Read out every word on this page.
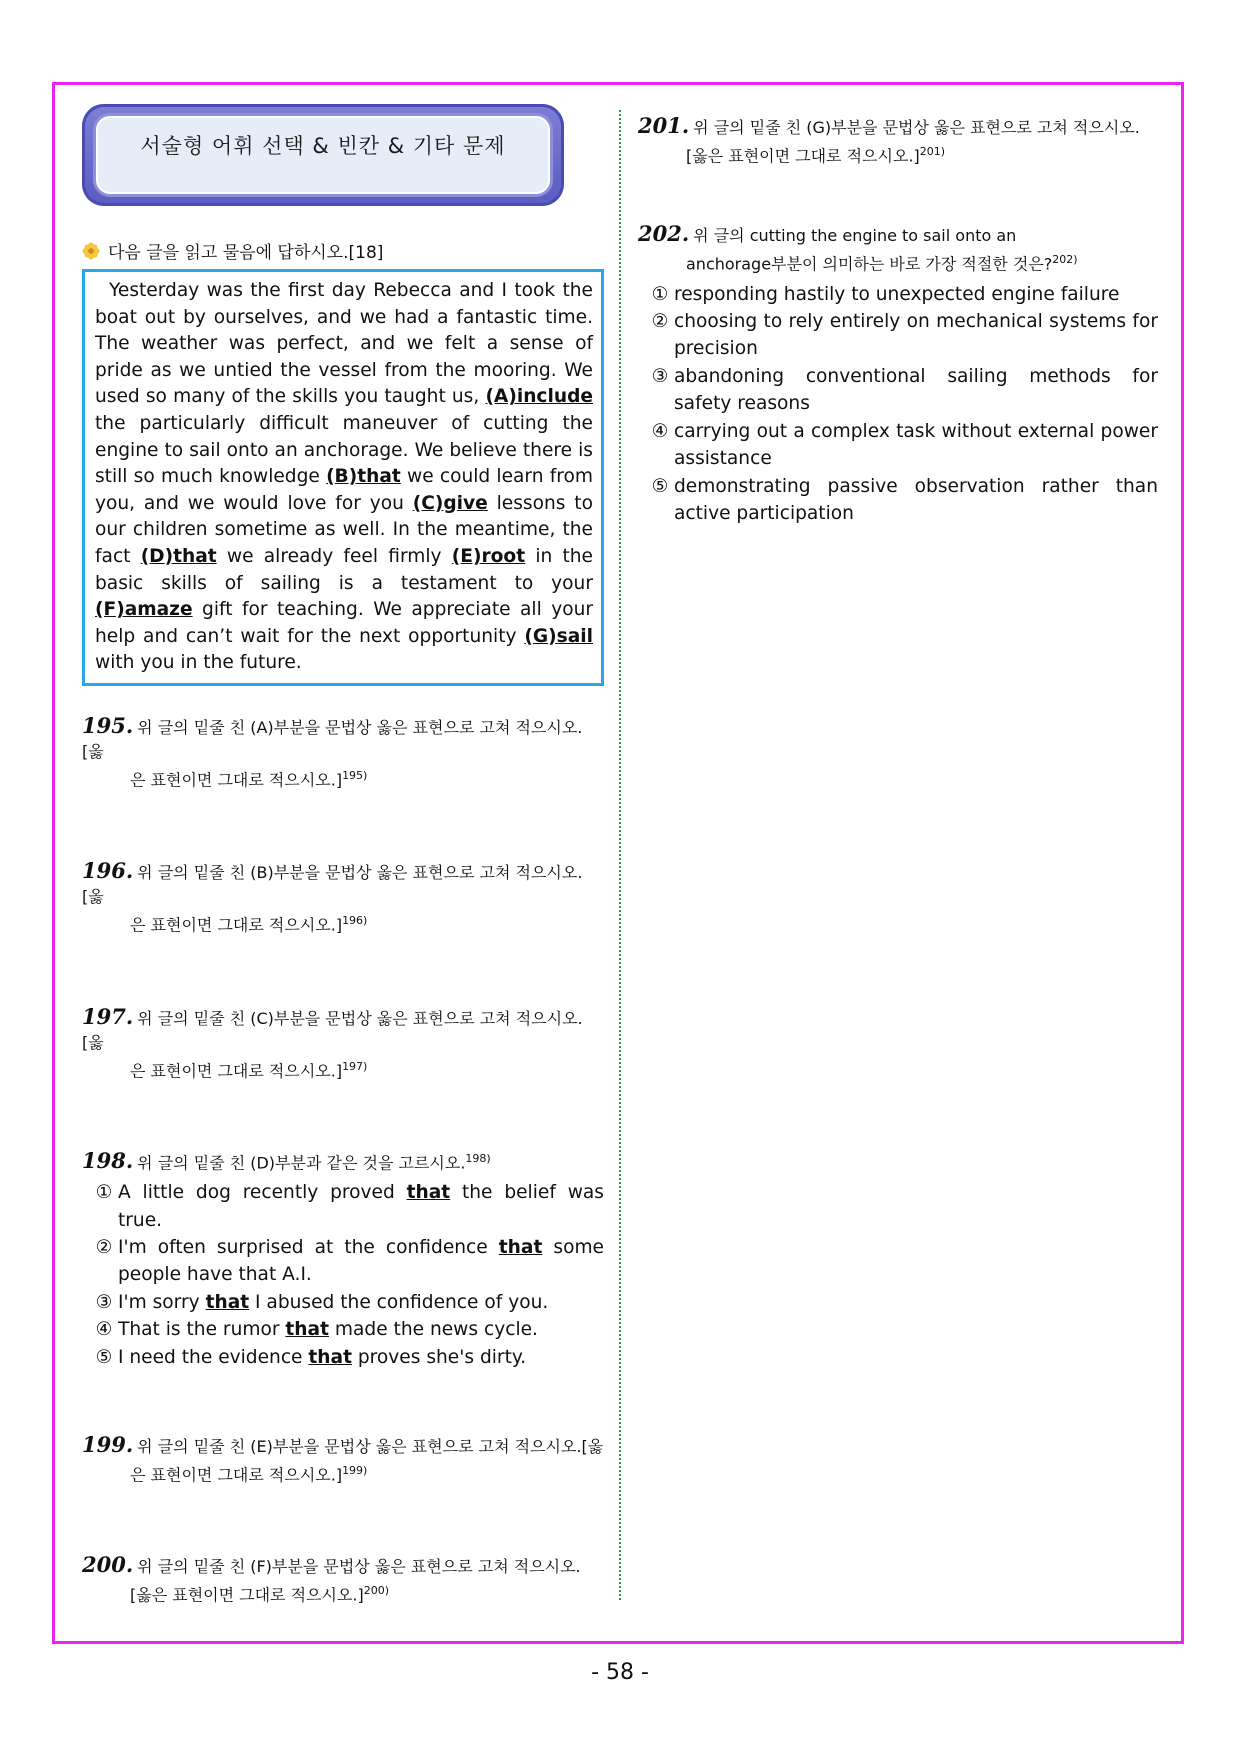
서술형 어휘 선택 & 빈칸 & 기타 문제
다음 글을 읽고 물음에 답하시오.[18]
Yesterday was the first day Rebecca and I took the boat out by ourselves, and we had a fantastic time. The weather was perfect, and we felt a sense of pride as we untied the vessel from the mooring. We used so many of the skills you taught us, (A)include the particularly difficult maneuver of cutting the engine to sail onto an anchorage. We believe there is still so much knowledge (B)that we could learn from you, and we would love for you (C)give lessons to our children sometime as well. In the meantime, the fact (D)that we already feel firmly (E)root in the basic skills of sailing is a testament to your (F)amaze gift for teaching. We appreciate all your help and can’t wait for the next opportunity (G)sail with you in the future.
195. 위 글의 밑줄 친 (A)부분을 문법상 옳은 표현으로 고쳐 적으시오.[옳
은 표현이면 그대로 적으시오.]$^{195)}$
196. 위 글의 밑줄 친 (B)부분을 문법상 옳은 표현으로 고쳐 적으시오.[옳
은 표현이면 그대로 적으시오.]$^{196)}$
197. 위 글의 밑줄 친 (C)부분을 문법상 옳은 표현으로 고쳐 적으시오.[옳
은 표현이면 그대로 적으시오.]$^{197)}$
198. 위 글의 밑줄 친 (D)부분과 같은 것을 고르시오.$^{198)}$
① A little dog recently proved that the belief was true.
② I'm often surprised at the confidence that some people have that A.I.
③ I'm sorry that I abused the confidence of you.
④ That is the rumor that made the news cycle.
⑤ I need the evidence that proves she's dirty.
199. 위 글의 밑줄 친 (E)부분을 문법상 옳은 표현으로 고쳐 적으시오.[옳
은 표현이면 그대로 적으시오.]$^{199)}$
200. 위 글의 밑줄 친 (F)부분을 문법상 옳은 표현으로 고쳐 적으시오.
[옳은 표현이면 그대로 적으시오.]$^{200)}$
201. 위 글의 밑줄 친 (G)부분을 문법상 옳은 표현으로 고쳐 적으시오.
[옳은 표현이면 그대로 적으시오.]$^{201)}$
202. 위 글의 cutting the engine to sail onto an
anchorage부분이 의미하는 바로 가장 적절한 것은?$^{202)}$
① responding hastily to unexpected engine failure
② choosing to rely entirely on mechanical systems for precision
③ abandoning conventional sailing methods for safety reasons
④ carrying out a complex task without external power assistance
⑤ demonstrating passive observation rather than active participation
- 58 -
